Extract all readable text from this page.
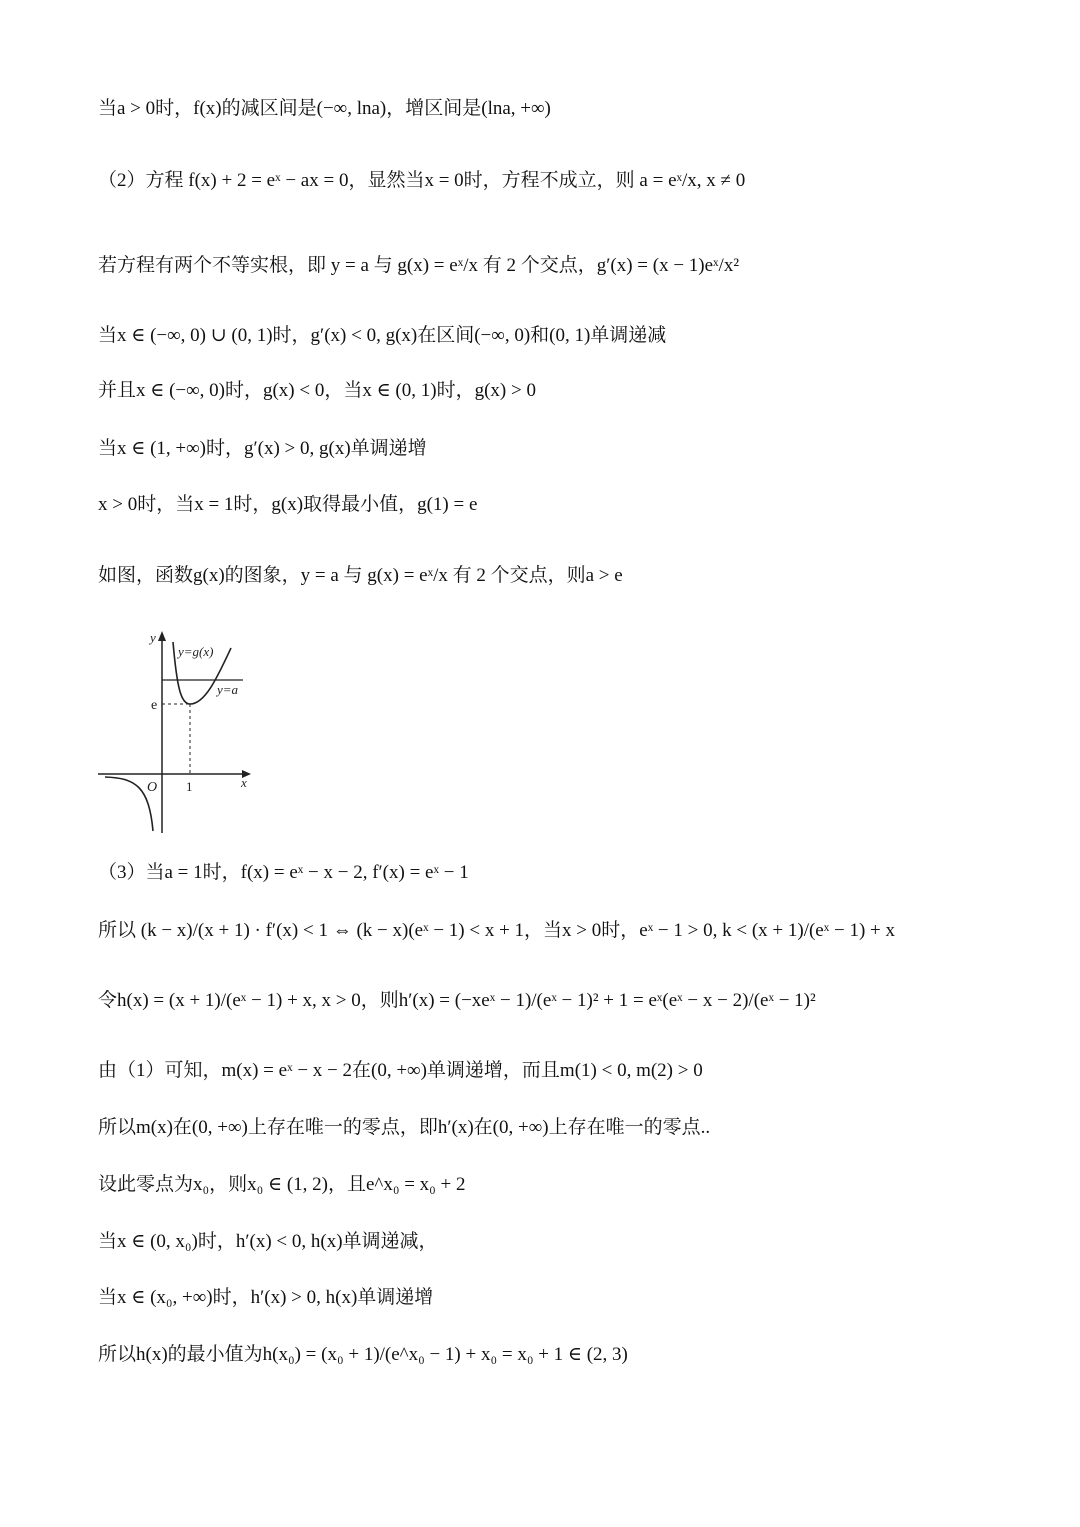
当a > 0时，f(x)的减区间是(−∞, lna)，增区间是(lna, +∞)
（2）方程 f(x) + 2 = eˣ − ax = 0，显然当x = 0时，方程不成立，则 a = eˣ/x, x ≠ 0
若方程有两个不等实根，即 y = a 与 g(x) = eˣ/x 有 2 个交点，g′(x) = (x − 1)eˣ/x²
当x ∈ (−∞, 0) ∪ (0, 1)时，g′(x) < 0, g(x)在区间(−∞, 0)和(0, 1)单调递减
并且x ∈ (−∞, 0)时，g(x) < 0，当x ∈ (0, 1)时，g(x) > 0
当x ∈ (1, +∞)时，g′(x) > 0, g(x)单调递增
x > 0时，当x = 1时，g(x)取得最小值，g(1) = e
如图，函数g(x)的图象，y = a 与 g(x) = eˣ/x 有 2 个交点，则a > e
y
x
O
e
1
y=g(x)
y=a
（3）当a = 1时，f(x) = eˣ − x − 2, f′(x) = eˣ − 1
所以 (k − x)/(x + 1) · f′(x) < 1 ⇔ (k − x)(eˣ − 1) < x + 1，当x > 0时，eˣ − 1 > 0, k < (x + 1)/(eˣ − 1) + x
令h(x) = (x + 1)/(eˣ − 1) + x, x > 0，则h′(x) = (−xeˣ − 1)/(eˣ − 1)² + 1 = eˣ(eˣ − x − 2)/(eˣ − 1)²
由（1）可知，m(x) = eˣ − x − 2在(0, +∞)单调递增，而且m(1) < 0, m(2) > 0
所以m(x)在(0, +∞)上存在唯一的零点，即h′(x)在(0, +∞)上存在唯一的零点..
设此零点为x₀，则x₀ ∈ (1, 2)，且e^x₀ = x₀ + 2
当x ∈ (0, x₀)时，h′(x) < 0, h(x)单调递减，
当x ∈ (x₀, +∞)时，h′(x) > 0, h(x)单调递增
所以h(x)的最小值为h(x₀) = (x₀ + 1)/(e^x₀ − 1) + x₀ = x₀ + 1 ∈ (2, 3)
